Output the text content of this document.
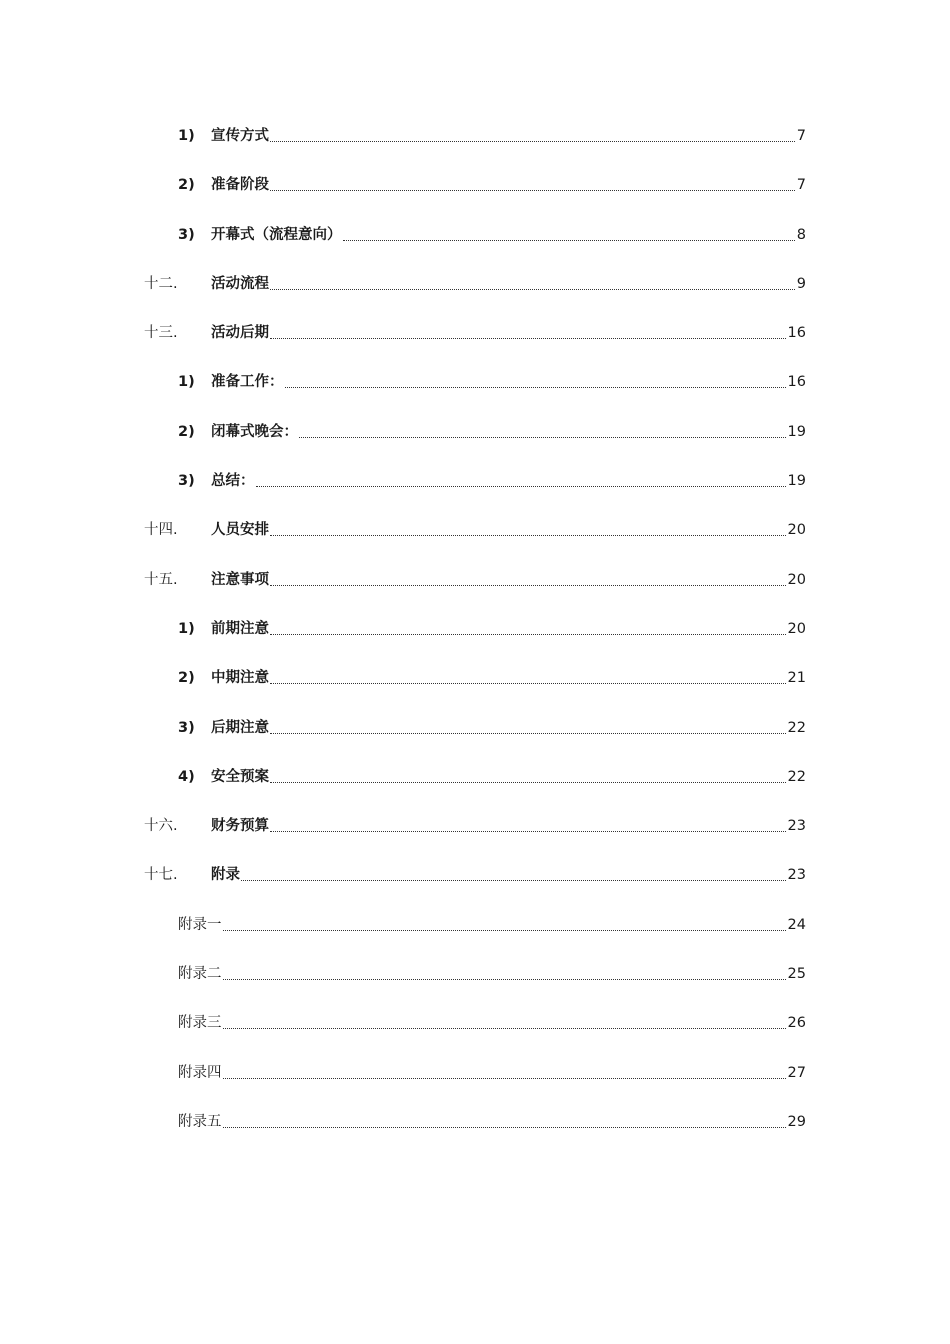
1) 宣传方式	7
2) 准备阶段	7
3) 开幕式（流程意向）	8
十二. 活动流程	9
十三. 活动后期	16
1) 准备工作：	16
2) 闭幕式晚会：	19
3) 总结：	19
十四. 人员安排	20
十五. 注意事项	20
1) 前期注意	20
2) 中期注意	21
3) 后期注意	22
4) 安全预案	22
十六. 财务预算	23
十七. 附录	23
附录一	24
附录二	25
附录三	26
附录四	27
附录五	29
